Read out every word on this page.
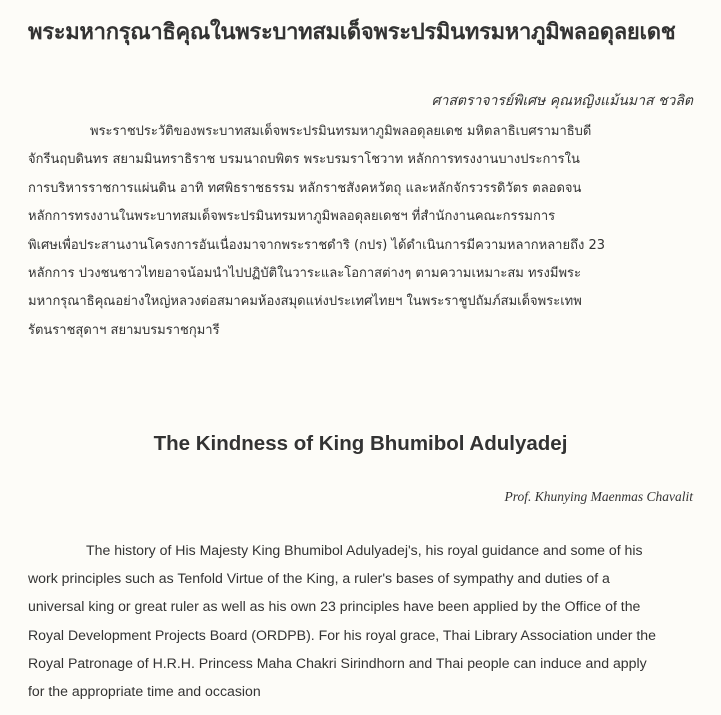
พระมหากรุณาธิคุณในพระบาทสมเด็จพระปรมินทรมหาภูมิพลอดุลยเดช
ศาสตราจารย์พิเศษ คุณหญิงแม้นมาส ชวลิต
พระราชประวัติของพระบาทสมเด็จพระปรมินทรมหาภูมิพลอดุลยเดช มหิตลาธิเบศรามาธิบดี
จักรีนฤบดินทร สยามมินทราธิราช บรมนาถบพิตร พระบรมราโชวาท หลักการทรงงานบางประการใน
การบริหารราชการแผ่นดิน อาทิ ทศพิธราชธรรม หลักราชสังคหวัตถุ และหลักจักรวรรดิวัตร ตลอดจน
หลักการทรงงานในพระบาทสมเด็จพระปรมินทรมหาภูมิพลอดุลยเดชฯ ที่สำนักงานคณะกรรมการ
พิเศษเพื่อประสานงานโครงการอันเนื่องมาจากพระราชดำริ (กปร) ได้ดำเนินการมีความหลากหลายถึง 23
หลักการ ปวงชนชาวไทยอาจน้อมนำไปปฏิบัติในวาระและโอกาสต่างๆ ตามความเหมาะสม ทรงมีพระ
มหากรุณาธิคุณอย่างใหญ่หลวงต่อสมาคมห้องสมุดแห่งประเทศไทยฯ ในพระราชูปถัมภ์สมเด็จพระเทพ
รัตนราชสุดาฯ สยามบรมราชกุมารี
The Kindness of King Bhumibol Adulyadej
Prof. Khunying Maenmas Chavalit
The history of His Majesty King Bhumibol Adulyadej's, his royal guidance and some of his
work principles such as Tenfold Virtue of the King, a ruler's bases of sympathy and duties of a
universal king or great ruler as well as his own 23 principles have been applied by the Office of the
Royal Development Projects Board (ORDPB). For his royal grace, Thai Library Association under the
Royal Patronage of H.R.H. Princess Maha Chakri Sirindhorn and Thai people can induce and apply
for the appropriate time and occasion
